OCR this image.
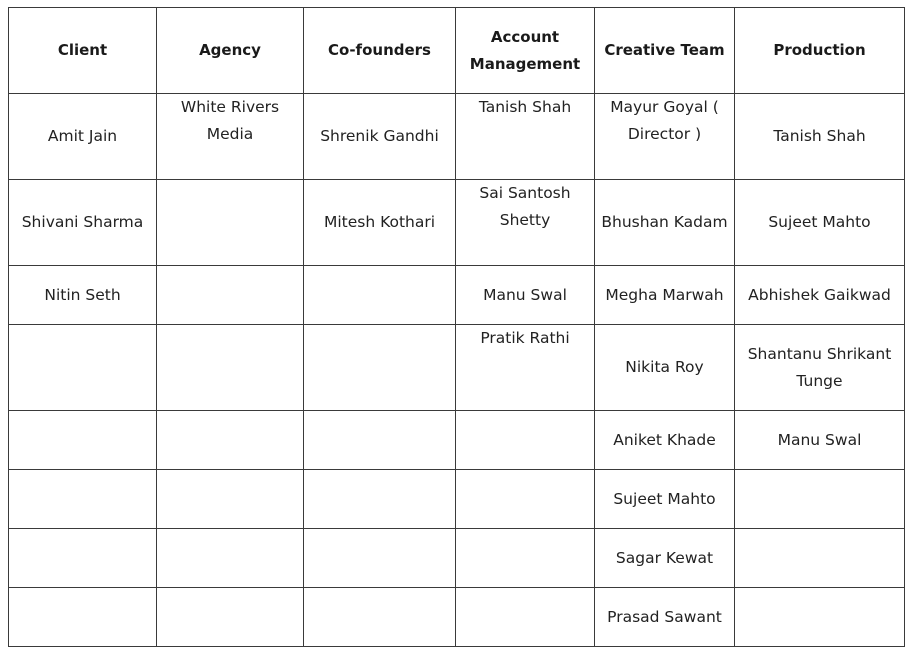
Client	Agency	Co-founders	Account Management	Creative Team	Production
Amit Jain	White Rivers Media	Shrenik Gandhi	Tanish Shah	Mayur Goyal ( Director )	Tanish Shah
Shivani Sharma		Mitesh Kothari	Sai Santosh Shetty	Bhushan Kadam	Sujeet Mahto
Nitin Seth			Manu Swal	Megha Marwah	Abhishek Gaikwad
			Pratik Rathi	Nikita Roy	Shantanu Shrikant Tunge
				Aniket Khade	Manu Swal
				Sujeet Mahto	
				Sagar Kewat	
				Prasad Sawant	
